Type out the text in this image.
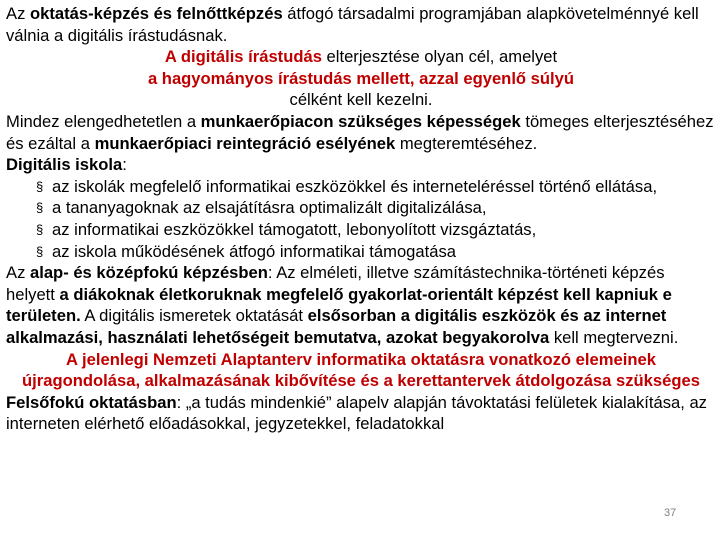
Az oktatás-képzés és felnőttképzés átfogó társadalmi programjában alapkövetelménnyé kell válnia a digitális írástudásnak.

A digitális írástudás elterjesztése olyan cél, amelyet
a hagyományos írástudás mellett, azzal egyenlő súlyú
célként kell kezelni.

Mindez elengedhetetlen a munkaerőpiacon szükséges képességek tömeges elterjesztéséhez és ezáltal a munkaerőpiaci reintegráció esélyének megteremtéséhez.

Digitális iskola:

§ az iskolák megfelelő informatikai eszközökkel és interneteléréssel történő ellátása,
§ a tananyagoknak az elsajátításra optimalizált digitalizálása,
§ az informatikai eszközökkel támogatott, lebonyolított vizsgáztatás,
§ az iskola működésének átfogó informatikai támogatása

Az alap- és középfokú képzésben: Az elméleti, illetve számítástechnika-történeti képzés helyett a diákoknak életkoruknak megfelelő gyakorlat-orientált képzést kell kapniuk e területen. A digitális ismeretek oktatását elsősorban a digitális eszközök és az internet alkalmazási, használati lehetőségeit bemutatva, azokat begyakorolva kell megtervezni.

A jelenlegi Nemzeti Alaptanterv informatika oktatásra vonatkozó elemeinek újragondolása, alkalmazásának kibővítése és a kerettantervek átdolgozása szükséges

Felsőfokú oktatásban: „a tudás mindenkié” alapelv alapján távoktatási felületek kialakítása, az interneten elérhető előadásokkal, jegyzetekkel, feladatokkal

37
